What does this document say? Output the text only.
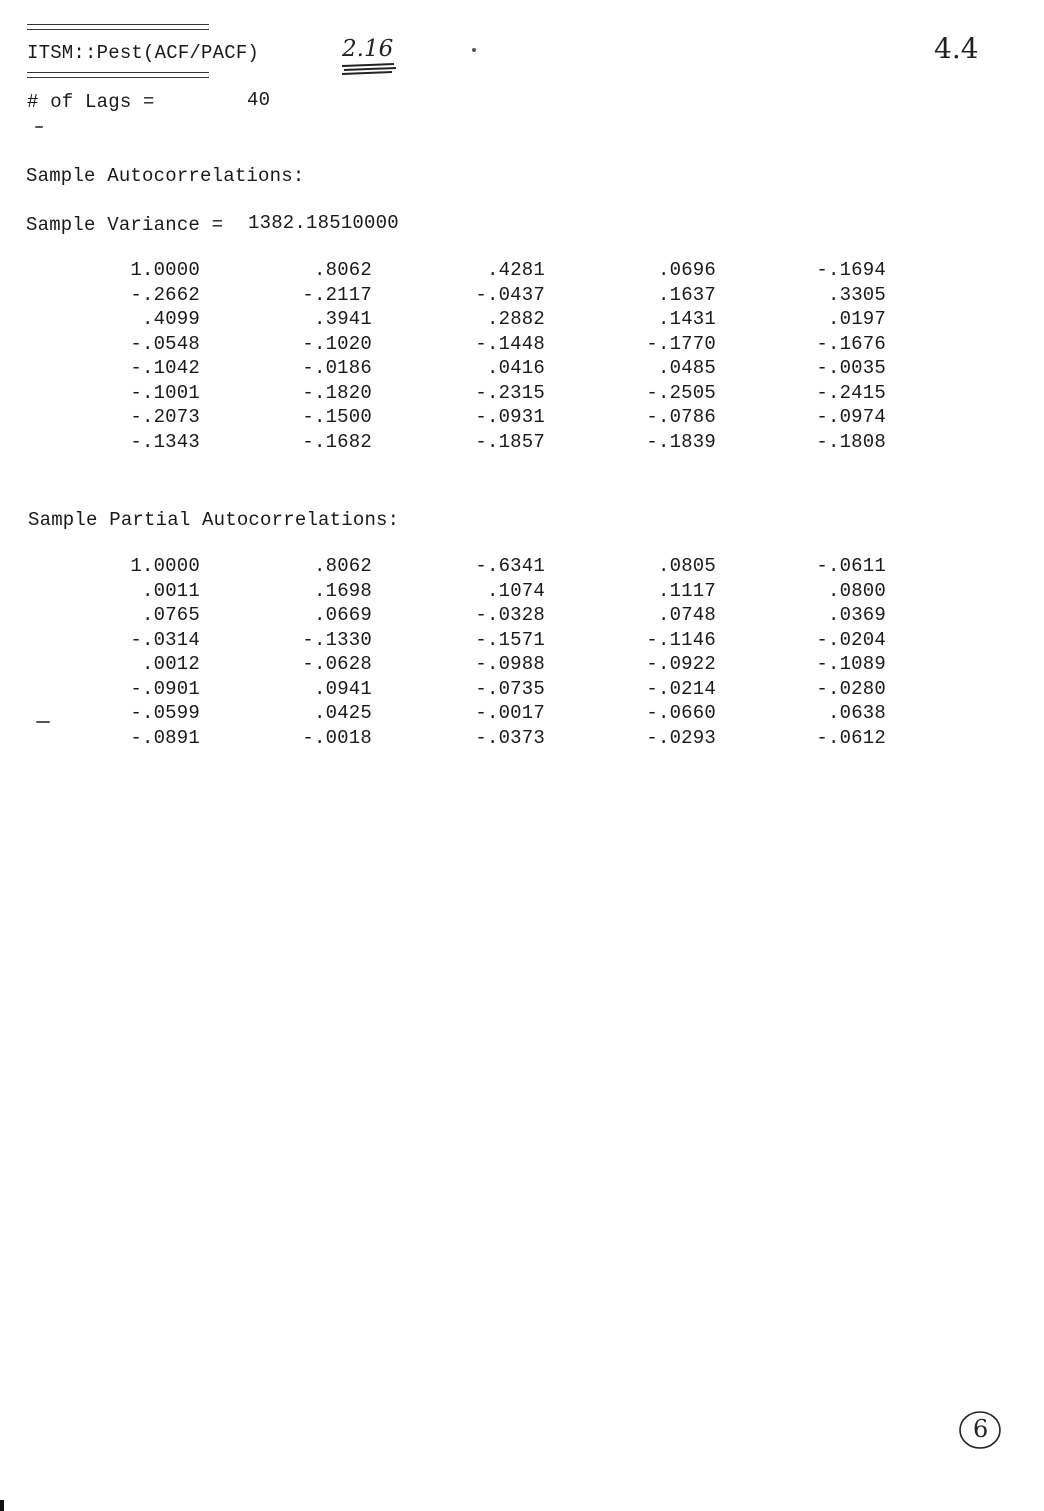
ITSM::Pest(ACF/PACF)
# of Lags =	40
2.16	4.4
6
Sample Autocorrelations:
Sample Variance = 1382.18510000
1.0000	.8062	.4281	.0696	-.1694
-.2662	-.2117	-.0437	.1637	.3305
.4099	.3941	.2882	.1431	.0197
-.0548	-.1020	-.1448	-.1770	-.1676
-.1042	-.0186	.0416	.0485	-.0035
-.1001	-.1820	-.2315	-.2505	-.2415
-.2073	-.1500	-.0931	-.0786	-.0974
-.1343	-.1682	-.1857	-.1839	-.1808
Sample Partial Autocorrelations:
1.0000	.8062	-.6341	.0805	-.0611
.0011	.1698	.1074	.1117	.0800
.0765	.0669	-.0328	.0748	.0369
-.0314	-.1330	-.1571	-.1146	-.0204
.0012	-.0628	-.0988	-.0922	-.1089
-.0901	.0941	-.0735	-.0214	-.0280
-.0599	.0425	-.0017	-.0660	.0638
-.0891	-.0018	-.0373	-.0293	-.0612
